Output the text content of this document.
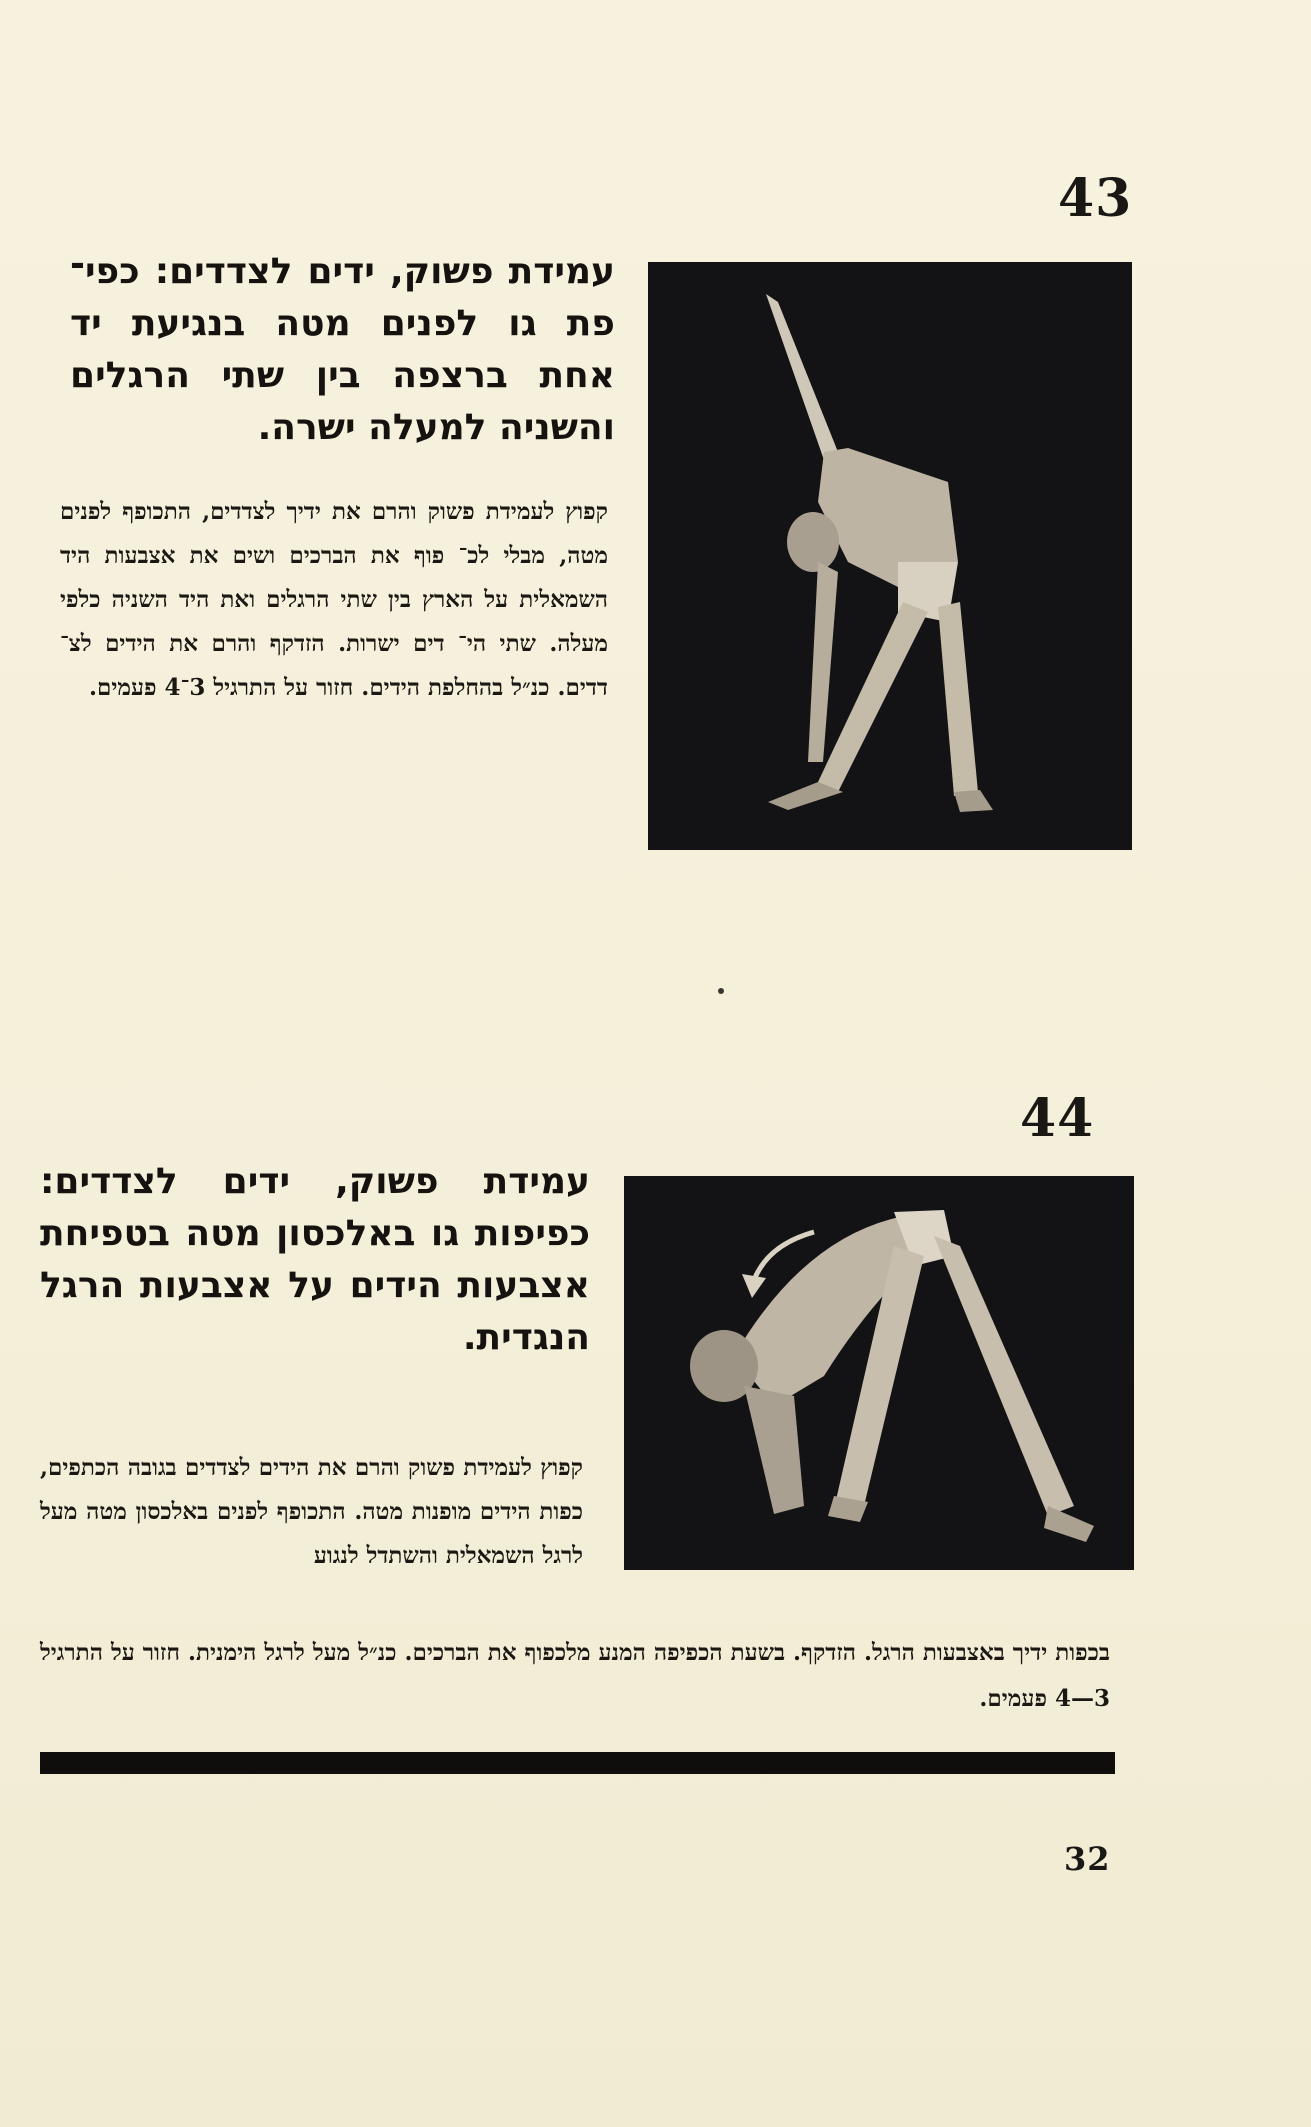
43
עמידת פשוק, ידים לצדדים: כפי־ פת גו לפנים מטה בנגיעת יד אחת ברצפה בין שתי הרגלים והשניה למעלה ישרה.
קפוץ לעמידת פשוק והרם את ידיך לצדדים, התכופף לפנים מטה, מבלי לכ־ פוף את הברכים ושים את אצבעות היד השמאלית על הארץ בין שתי הרגלים ואת היד השניה כלפי מעלה. שתי הי־ דים ישרות. הזדקף והרם את הידים לצ־ דדים. כנ״ל בהחלפת הידים. חזור על התרגיל 3־4 פעמים.
44
עמידת פשוק, ידים לצדדים: כפיפות גו באלכסון מטה בטפיחת אצבעות הידים על אצבעות הרגל הנגדית.
קפוץ לעמידת פשוק והרם את הידים לצדדים בגובה הכתפים, כפות הידים מופנות מטה. התכופף לפנים באלכסון מטה מעל לרגל השמאלית והשתדל לנגוע
בכפות ידיך באצבעות הרגל. הזדקף. בשעת הכפיפה המנע מלכפוף את הברכים. כנ״ל מעל לרגל הימנית. חזור על התרגיל 3—4 פעמים.
32
